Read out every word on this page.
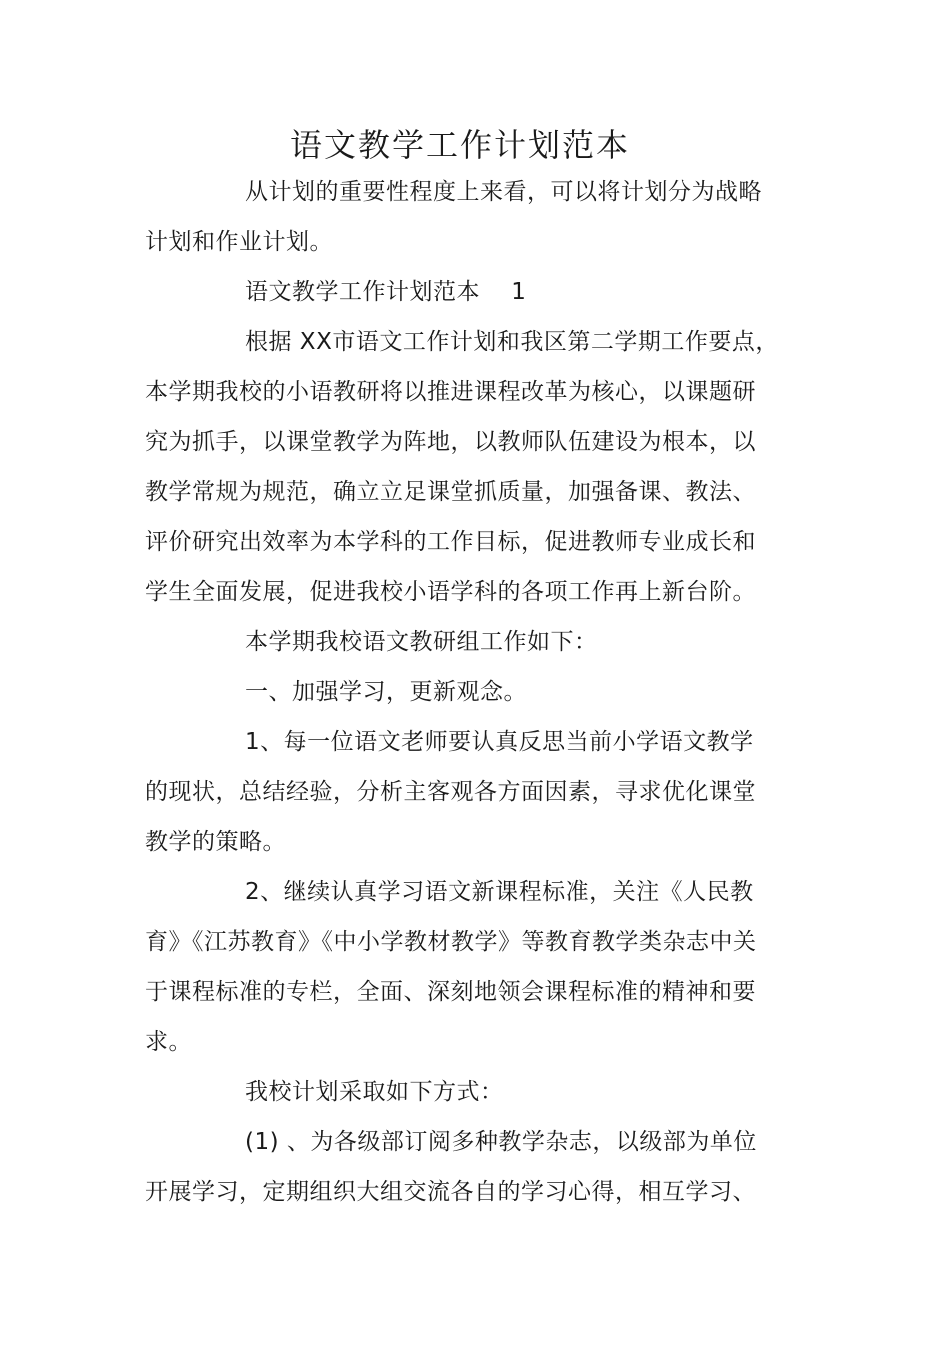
语文教学工作计划范本
从计划的重要性程度上来看，可以将计划分为战略
计划和作业计划。
语文教学工作计划范本　 1
根据 XX市语文工作计划和我区第二学期工作要点，
本学期我校的小语教研将以推进课程改革为核心，以课题研
究为抓手，以课堂教学为阵地，以教师队伍建设为根本，以
教学常规为规范，确立立足课堂抓质量，加强备课、教法、
评价研究出效率为本学科的工作目标，促进教师专业成长和
学生全面发展，促进我校小语学科的各项工作再上新台阶。
本学期我校语文教研组工作如下：
一、加强学习，更新观念。
1、每一位语文老师要认真反思当前小学语文教学
的现状，总结经验，分析主客观各方面因素，寻求优化课堂
教学的策略。
2、继续认真学习语文新课程标准，关注《人民教
育》《江苏教育》《中小学教材教学》等教育教学类杂志中关
于课程标准的专栏，全面、深刻地领会课程标准的精神和要
求。
我校计划采取如下方式：
(1) 、为各级部订阅多种教学杂志，以级部为单位
开展学习，定期组织大组交流各自的学习心得，相互学习、
